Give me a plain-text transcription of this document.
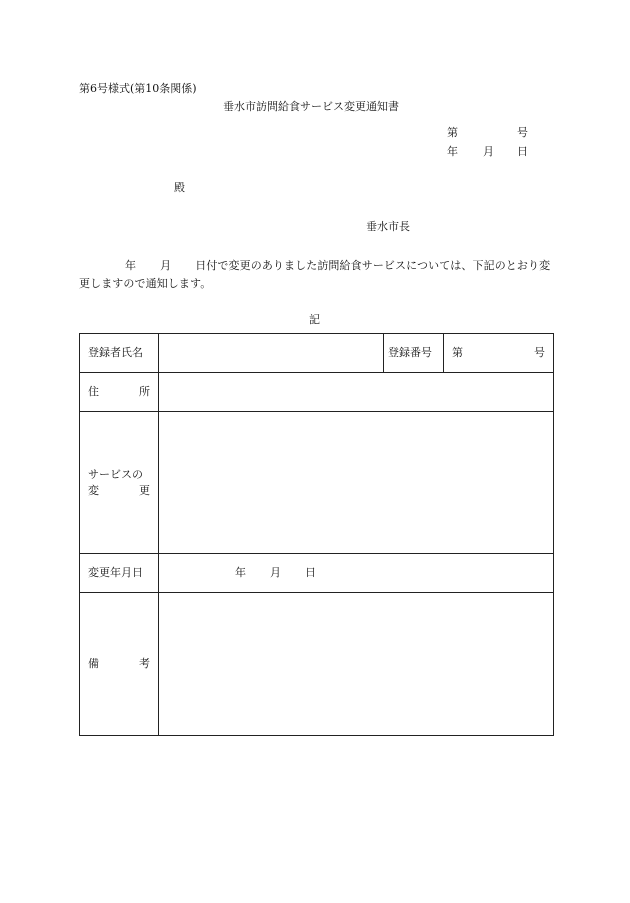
第6号様式(第10条関係)
垂水市訪問給食サービス変更通知書
第	号
年 月 日
殿
垂水市長
年 月 日付で変更のありました訪問給食サービスについては、下記のとおり変更しますので通知します。
記
登録者氏名		登録番号	第 号

住 所			

サービスの
変 更			

変更年月日	年 月 日		

備 考			
